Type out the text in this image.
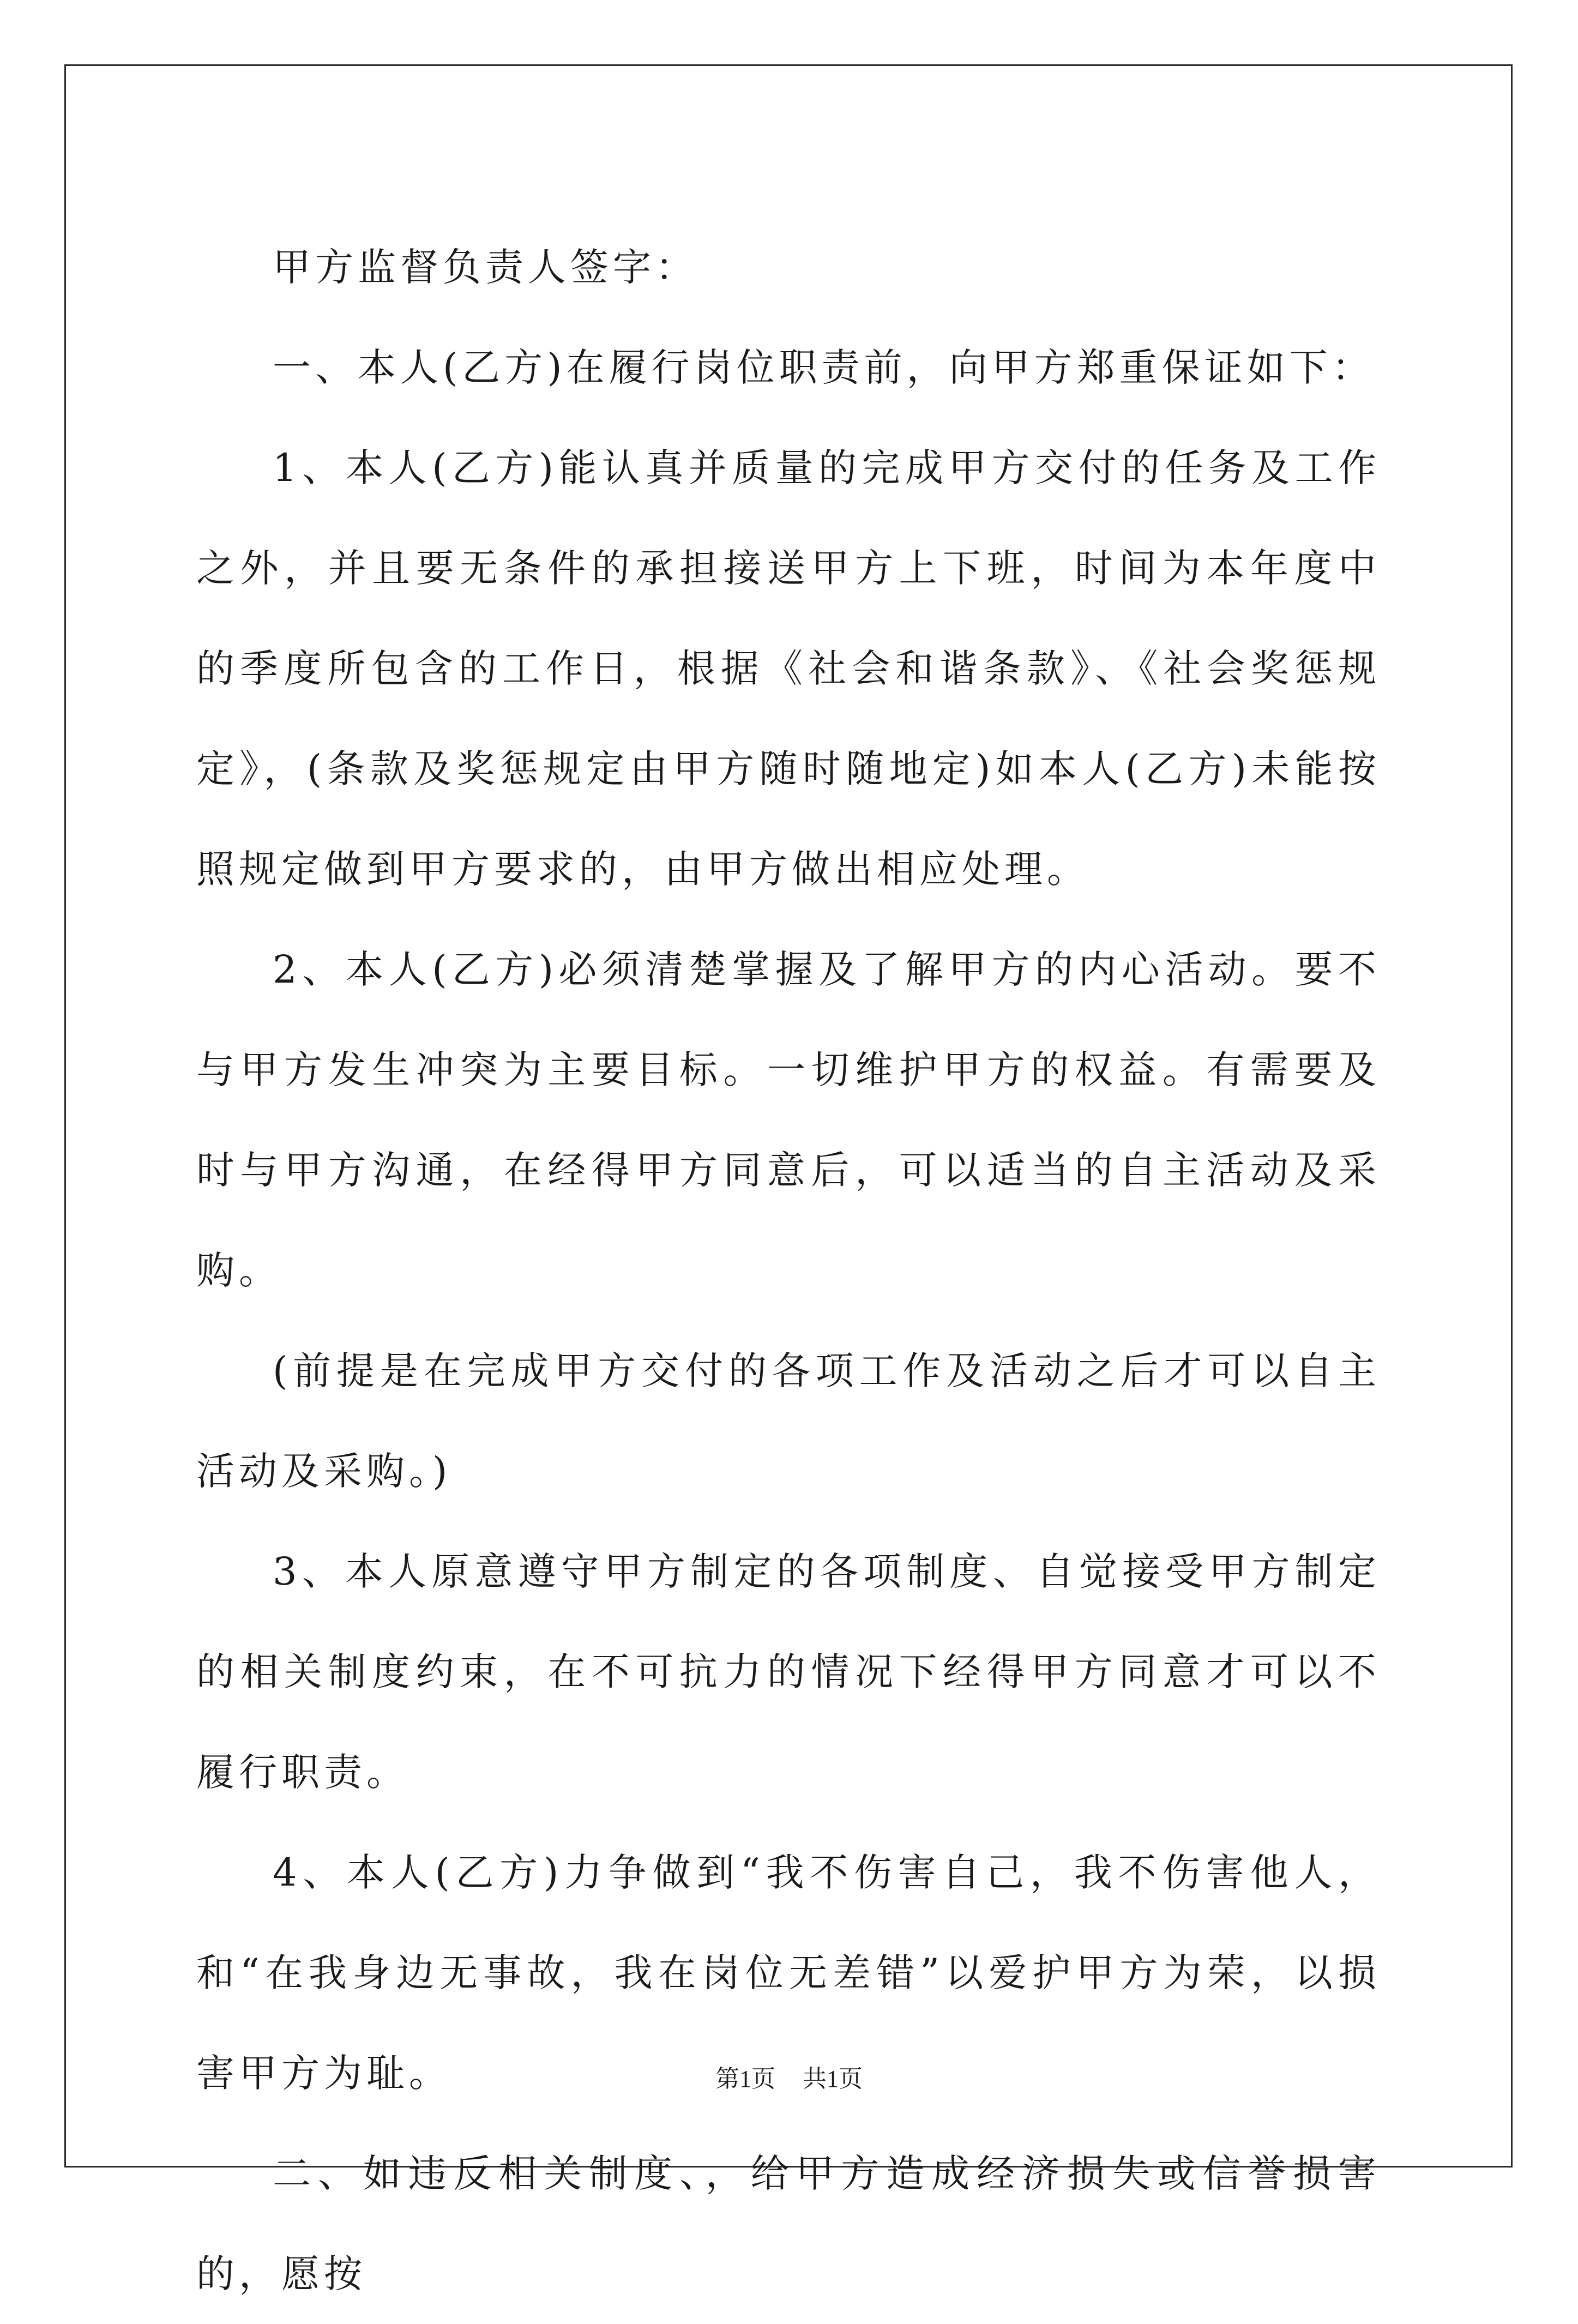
甲方监督负责人签字：

一、本人(乙方)在履行岗位职责前，向甲方郑重保证如下：

1、本人(乙方)能认真并质量的完成甲方交付的任务及工作之外，并且要无条件的承担接送甲方上下班，时间为本年度中的季度所包含的工作日，根据《社会和谐条款》、《社会奖惩规定》，(条款及奖惩规定由甲方随时随地定)如本人(乙方)未能按照规定做到甲方要求的，由甲方做出相应处理。

2、本人(乙方)必须清楚掌握及了解甲方的内心活动。要不与甲方发生冲突为主要目标。一切维护甲方的权益。有需要及时与甲方沟通，在经得甲方同意后，可以适当的自主活动及采购。

(前提是在完成甲方交付的各项工作及活动之后才可以自主活动及采购。)

3、本人原意遵守甲方制定的各项制度、自觉接受甲方制定的相关制度约束，在不可抗力的情况下经得甲方同意才可以不履行职责。

4、本人(乙方)力争做到“我不伤害自己，我不伤害他人，和“在我身边无事故，我在岗位无差错”以爱护甲方为荣，以损害甲方为耻。

二、如违反相关制度、，给甲方造成经济损失或信誉损害的，愿按

第1页 共1页
